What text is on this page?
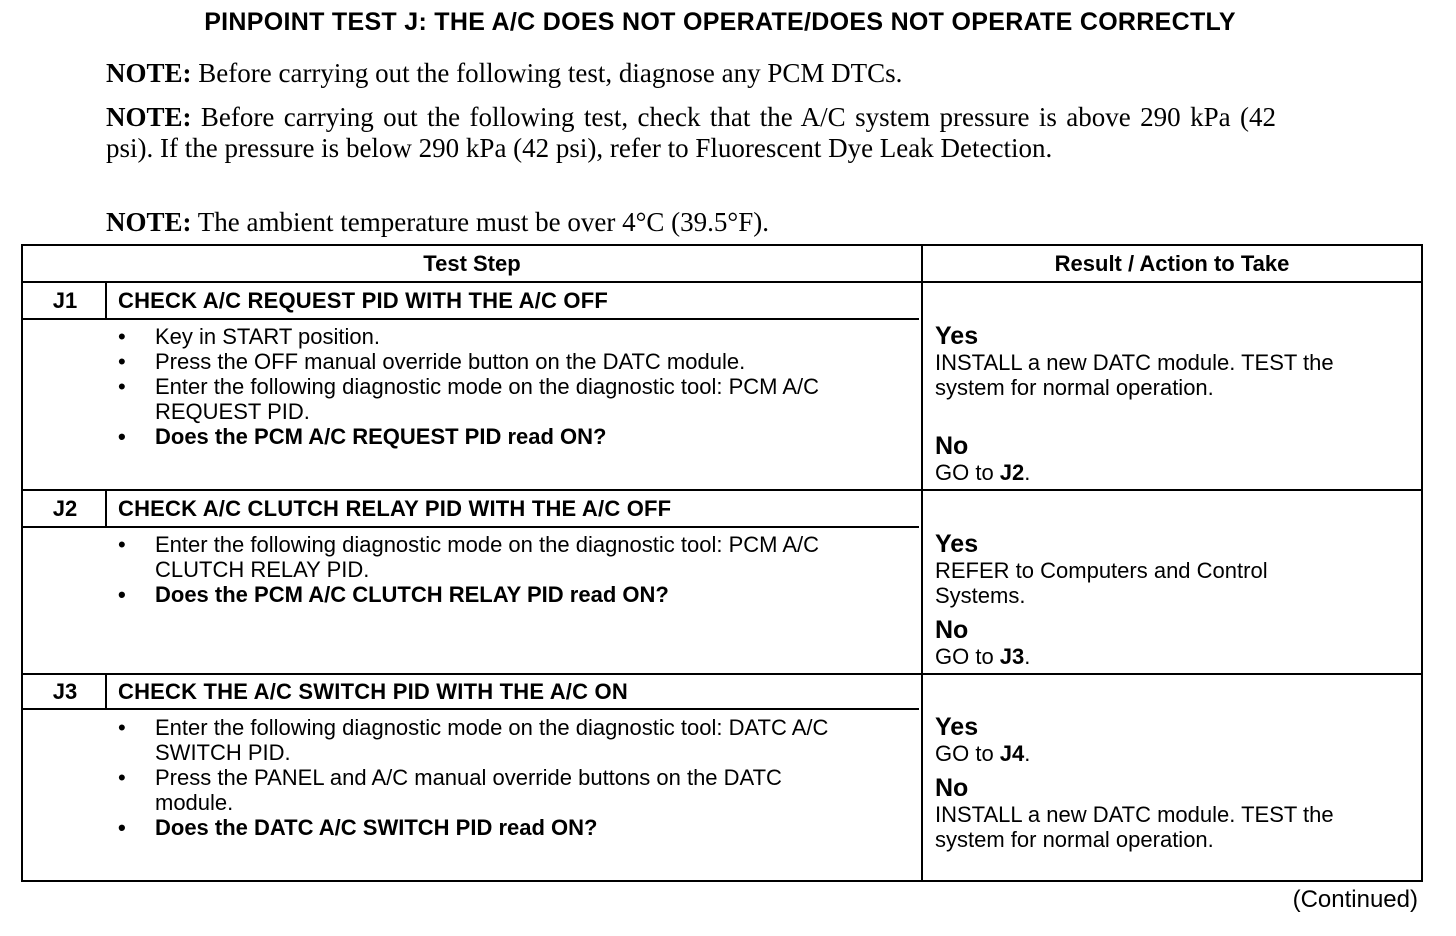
PINPOINT TEST J: THE A/C DOES NOT OPERATE/DOES NOT OPERATE CORRECTLY
NOTE: Before carrying out the following test, diagnose any PCM DTCs.
NOTE: Before carrying out the following test, check that the A/C system pressure is above 290 kPa (42 psi). If the pressure is below 290 kPa (42 psi), refer to Fluorescent Dye Leak Detection.
NOTE: The ambient temperature must be over 4°C (39.5°F).
Test Step	Result / Action to Take
J1	CHECK A/C REQUEST PID WITH THE A/C OFF
• Key in START position.
• Press the OFF manual override button on the DATC module.
• Enter the following diagnostic mode on the diagnostic tool: PCM A/C REQUEST PID.
• Does the PCM A/C REQUEST PID read ON?
Yes
INSTALL a new DATC module. TEST the system for normal operation.
No
GO to J2.
J2	CHECK A/C CLUTCH RELAY PID WITH THE A/C OFF
• Enter the following diagnostic mode on the diagnostic tool: PCM A/C CLUTCH RELAY PID.
• Does the PCM A/C CLUTCH RELAY PID read ON?
Yes
REFER to Computers and Control Systems.
No
GO to J3.
J3	CHECK THE A/C SWITCH PID WITH THE A/C ON
• Enter the following diagnostic mode on the diagnostic tool: DATC A/C SWITCH PID.
• Press the PANEL and A/C manual override buttons on the DATC module.
• Does the DATC A/C SWITCH PID read ON?
Yes
GO to J4.
No
INSTALL a new DATC module. TEST the system for normal operation.
(Continued)
